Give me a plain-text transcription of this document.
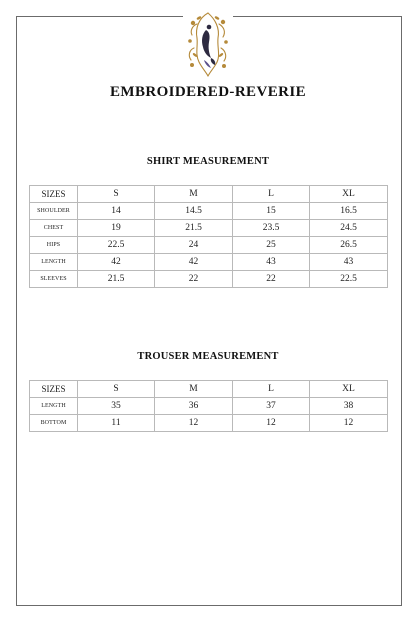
EMBROIDERED-REVERIE
SHIRT MEASUREMENT
SIZES	S	M	L	XL
SHOULDER	14	14.5	15	16.5
CHEST	19	21.5	23.5	24.5
HIPS	22.5	24	25	26.5
LENGTH	42	42	43	43
SLEEVES	21.5	22	22	22.5
TROUSER MEASUREMENT
SIZES	S	M	L	XL
LENGTH	35	36	37	38
BOTTOM	11	12	12	12
